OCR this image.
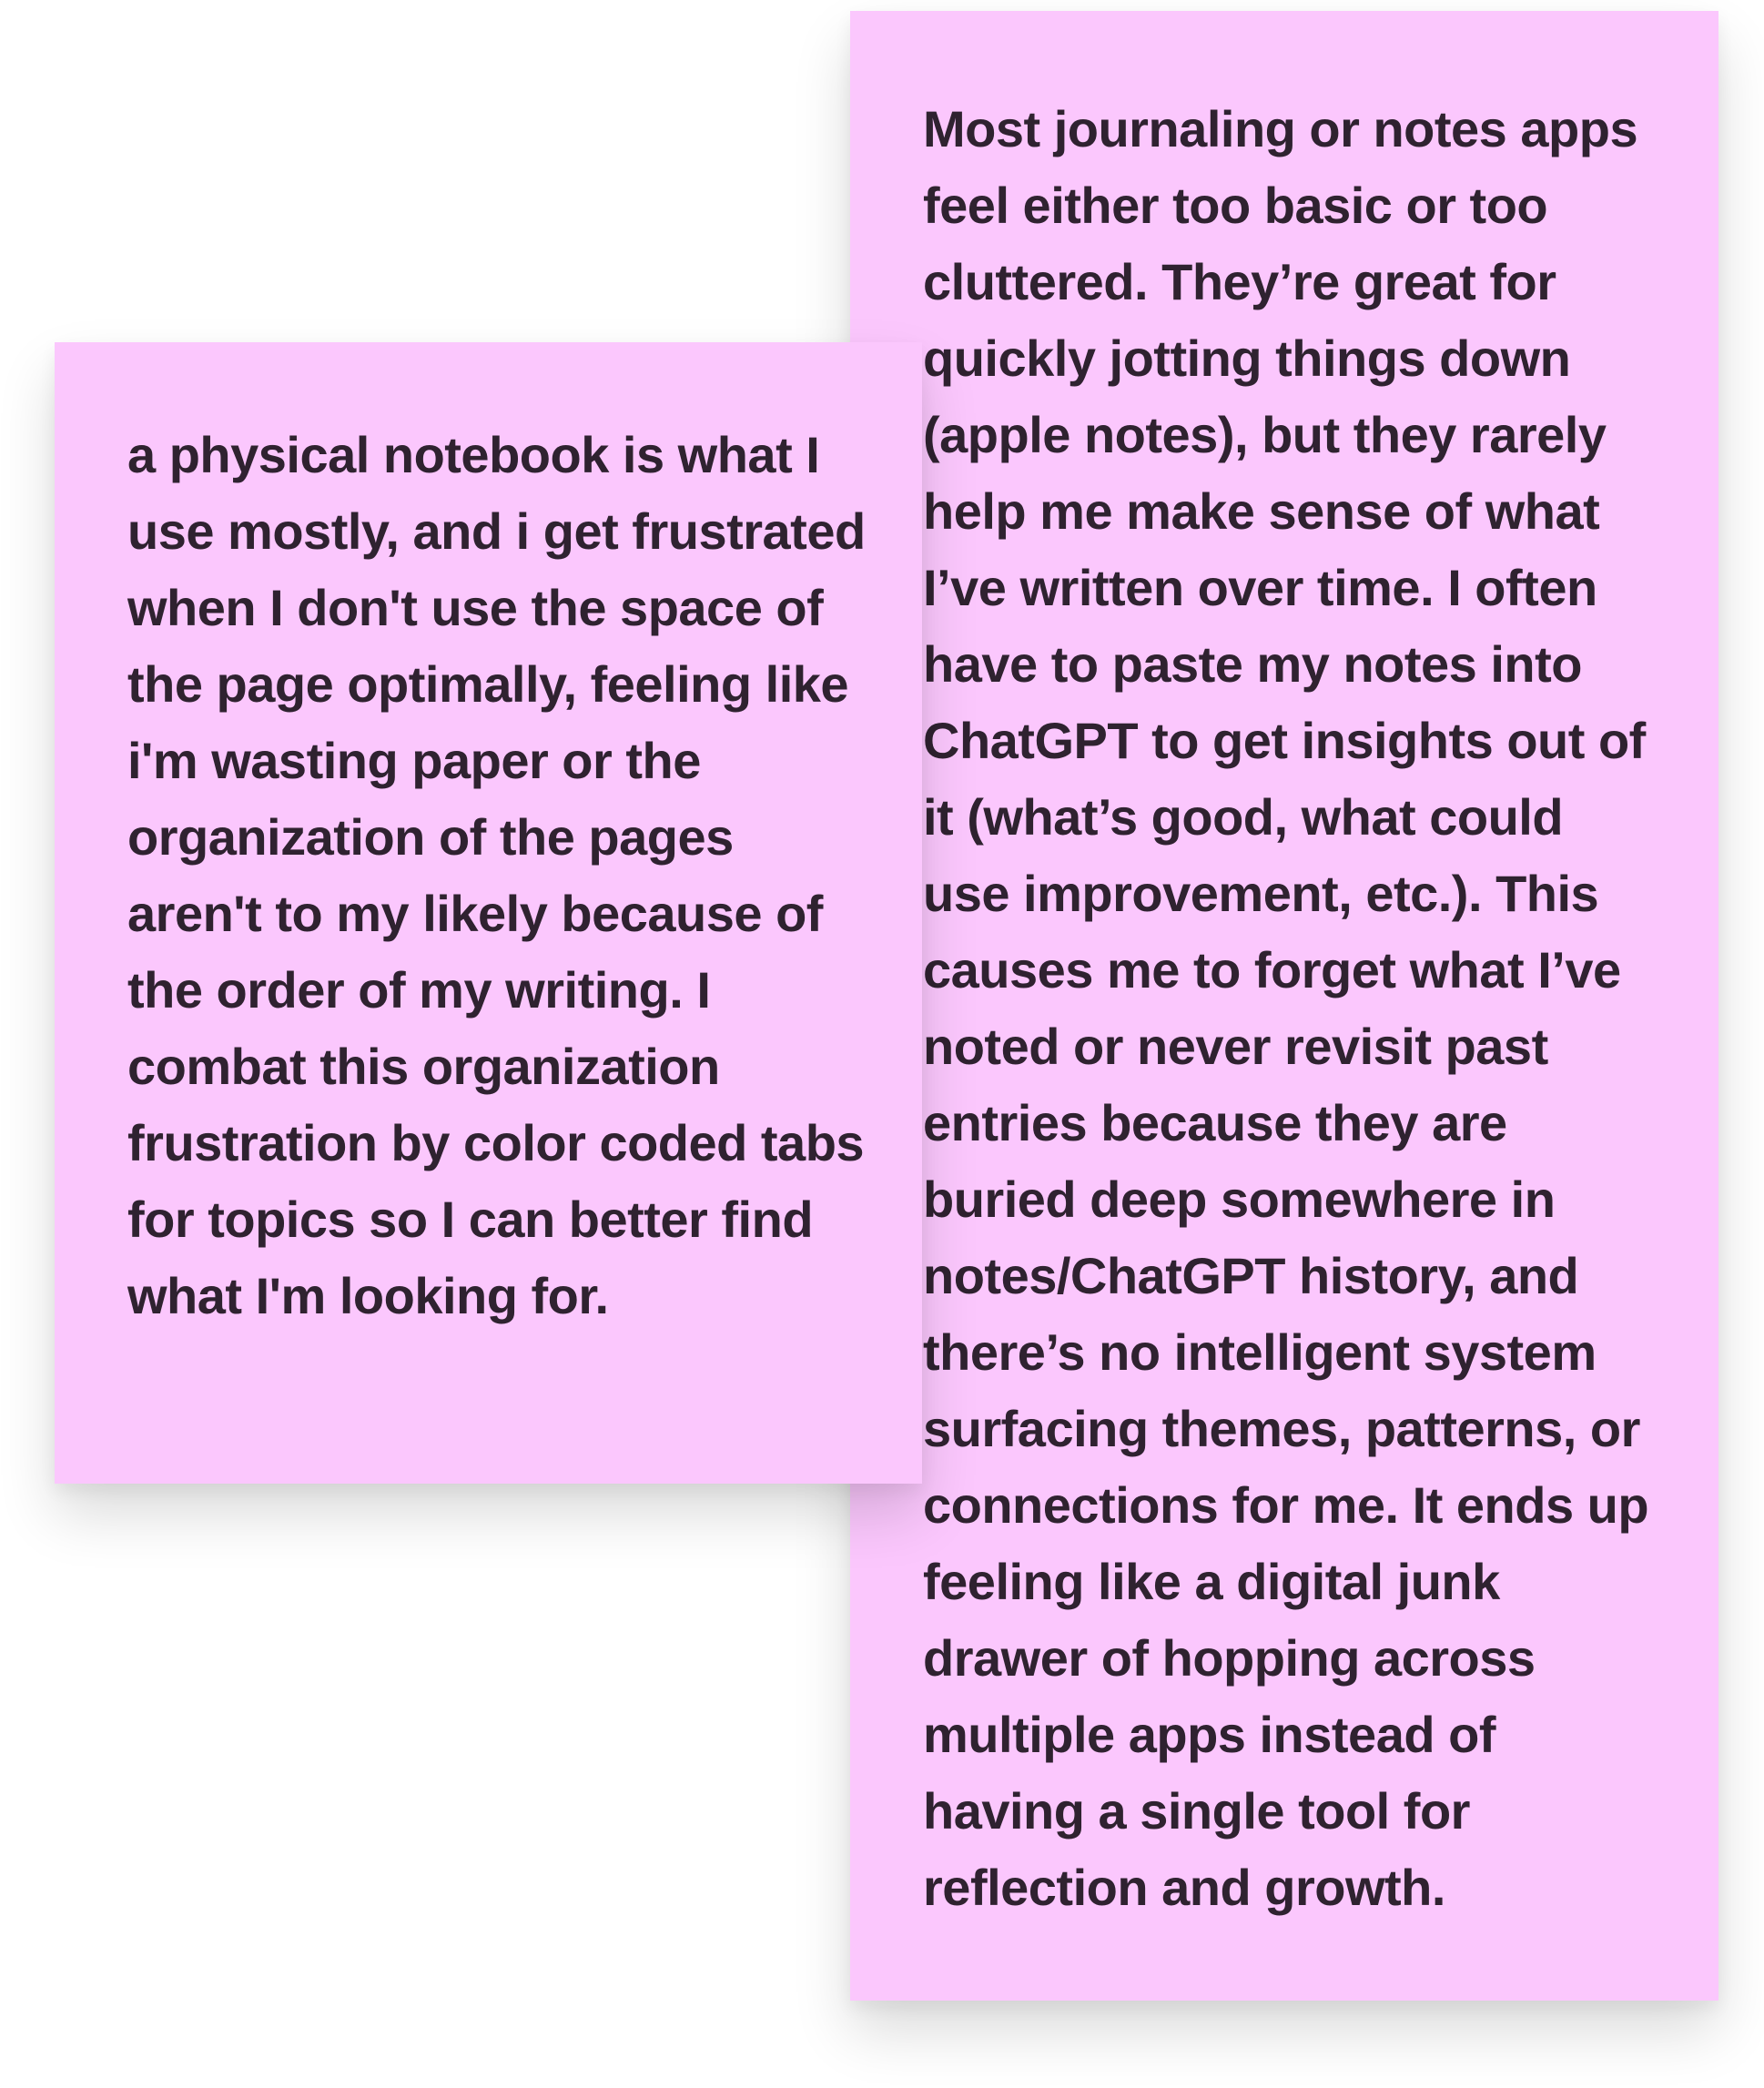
Most journaling or notes apps feel either too basic or too cluttered. They’re great for quickly jotting things down (apple notes), but they rarely help me make sense of what I’ve written over time. I often have to paste my notes into ChatGPT to get insights out of it (what’s good, what could use improvement, etc.). This causes me to forget what I’ve noted or never revisit past entries because they are buried deep somewhere in notes/ChatGPT history, and there’s no intelligent system surfacing themes, patterns, or connections for me. It ends up feeling like a digital junk drawer of hopping across multiple apps instead of having a single tool for reflection and growth.

a physical notebook is what I use mostly, and i get frustrated when I don't use the space of the page optimally, feeling like i'm wasting paper or the organization of the pages aren't to my likely because of the order of my writing. I combat this organization frustration by color coded tabs for topics so I can better find what I'm looking for.
